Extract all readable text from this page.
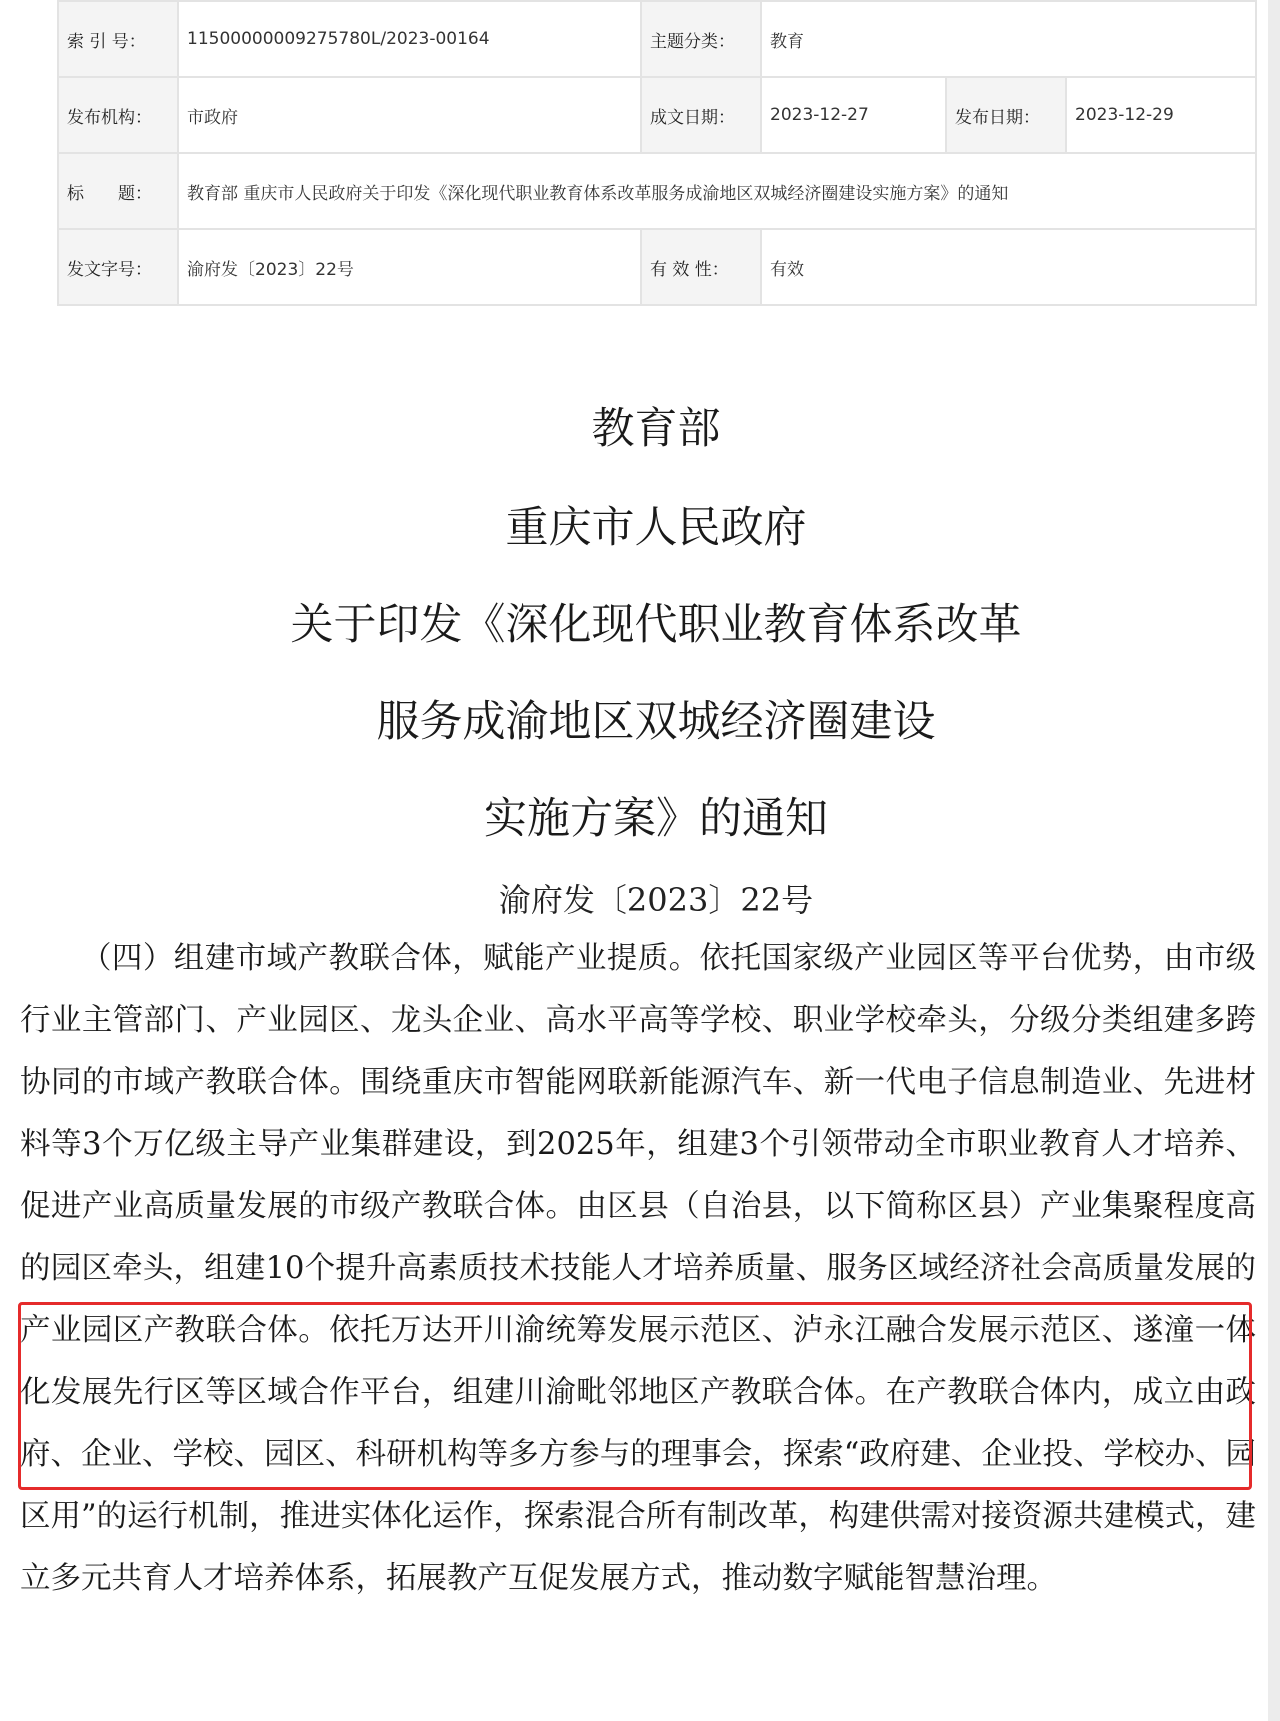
索 引 号：	11500000009275780L/2023-00164	主题分类：	教育		
发布机构：	市政府	成文日期：	2023-12-27	发布日期：	2023-12-29
标　　题：	教育部 重庆市人民政府关于印发《深化现代职业教育体系改革服务成渝地区双城经济圈建设实施方案》的通知				
发文字号：	渝府发〔2023〕22号	有 效 性：	有效		
教育部
重庆市人民政府
关于印发《深化现代职业教育体系改革
服务成渝地区双城经济圈建设
实施方案》的通知
渝府发〔2023〕22号

（四）组建市域产教联合体，赋能产业提质。依托国家级产业园区等平台优势，由市级行业主管部门、产业园区、龙头企业、高水平高等学校、职业学校牵头，分级分类组建多跨协同的市域产教联合体。围绕重庆市智能网联新能源汽车、新一代电子信息制造业、先进材料等3个万亿级主导产业集群建设，到2025年，组建3个引领带动全市职业教育人才培养、促进产业高质量发展的市级产教联合体。由区县（自治县，以下简称区县）产业集聚程度高的园区牵头，组建10个提升高素质技术技能人才培养质量、服务区域经济社会高质量发展的产业园区产教联合体。依托万达开川渝统筹发展示范区、泸永江融合发展示范区、遂潼一体化发展先行区等区域合作平台，组建川渝毗邻地区产教联合体。在产教联合体内，成立由政府、企业、学校、园区、科研机构等多方参与的理事会，探索“政府建、企业投、学校办、园区用”的运行机制，推进实体化运作，探索混合所有制改革，构建供需对接资源共建模式，建立多元共育人才培养体系，拓展教产互促发展方式，推动数字赋能智慧治理。
